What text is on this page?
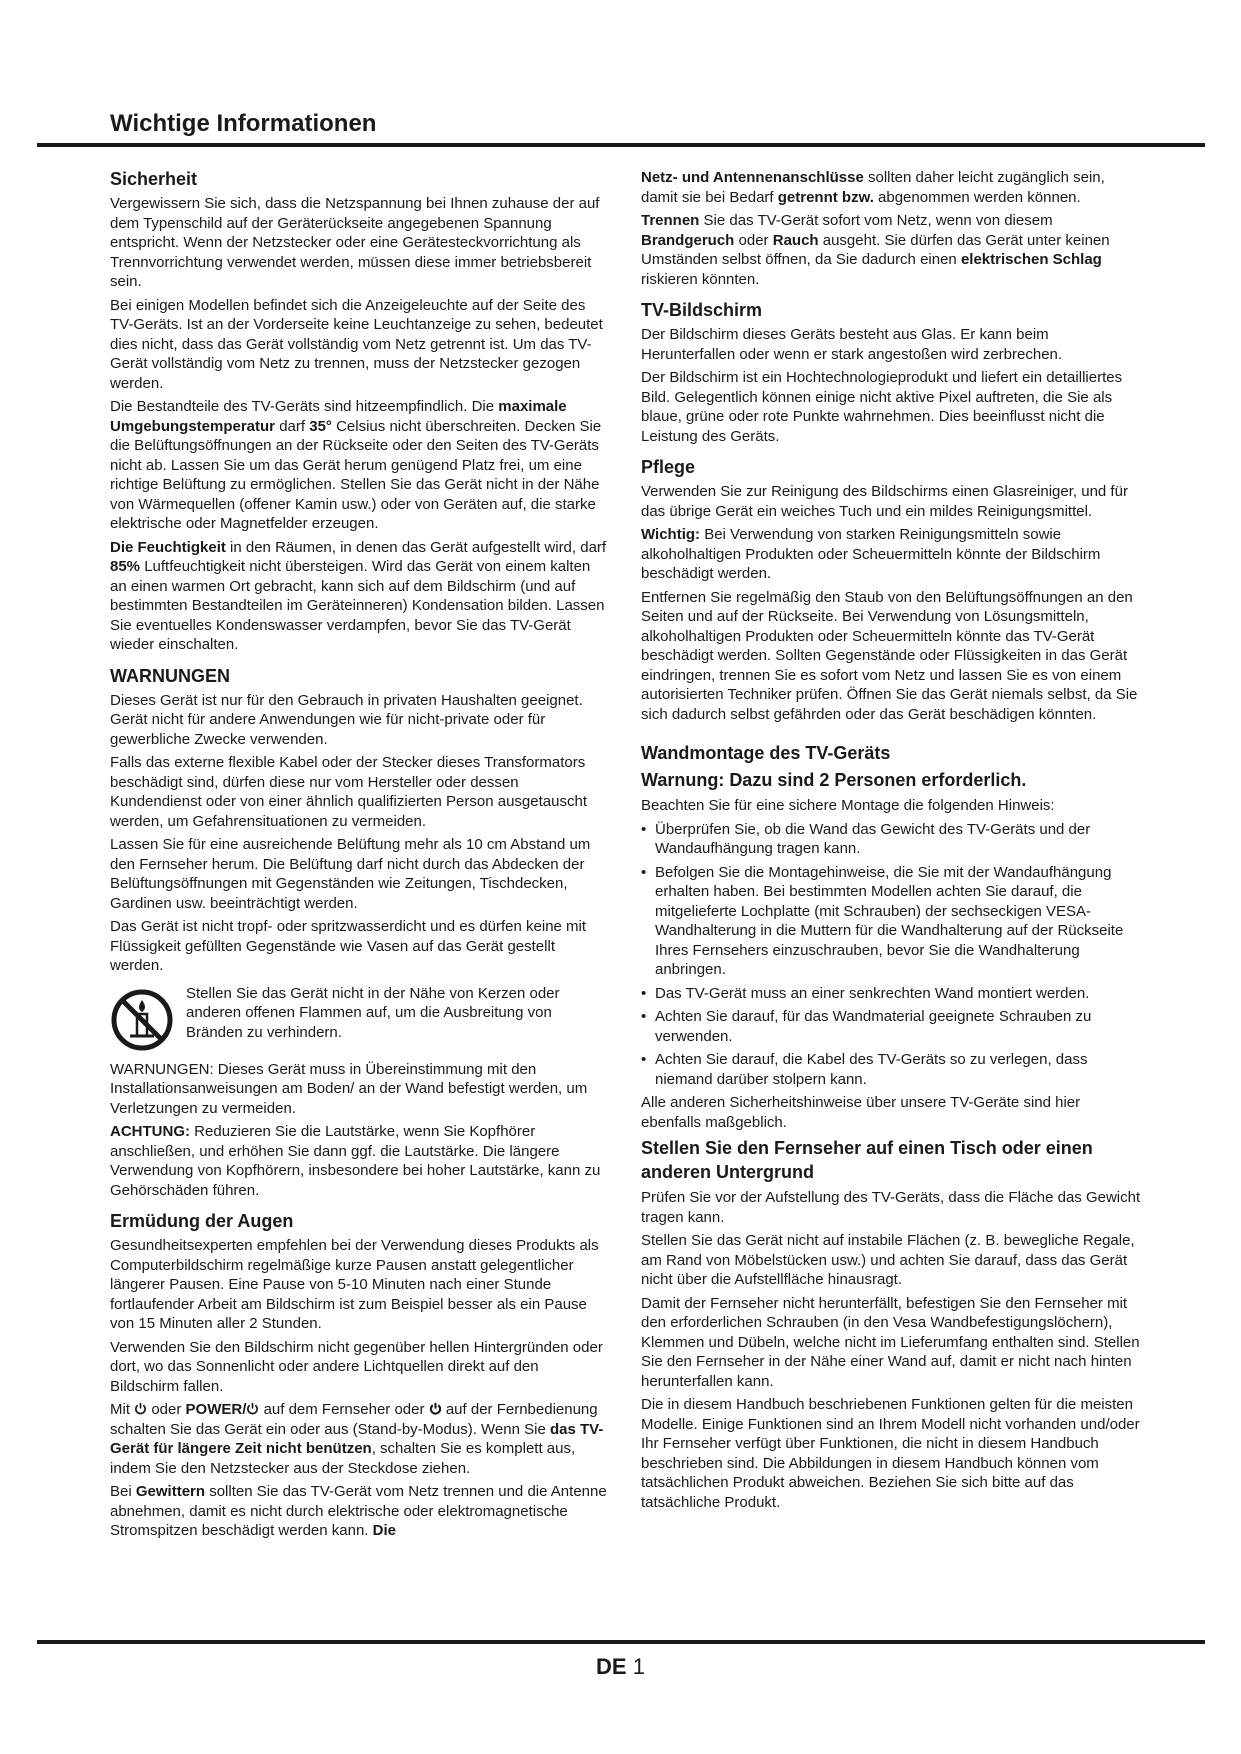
Wichtige Informationen
Sicherheit

Vergewissern Sie sich, dass die Netzspannung bei Ihnen zuhause der auf dem Typenschild auf der Geräterückseite angegebenen Spannung entspricht. Wenn der Netzstecker oder eine Gerätesteckvorrichtung als Trennvorrichtung verwendet werden, müssen diese immer betriebsbereit sein.

Bei einigen Modellen befindet sich die Anzeigeleuchte auf der Seite des TV-Geräts. Ist an der Vorderseite keine Leuchtanzeige zu sehen, bedeutet dies nicht, dass das Gerät vollständig vom Netz getrennt ist. Um das TV-Gerät vollständig vom Netz zu trennen, muss der Netzstecker gezogen werden.

Die Bestandteile des TV-Geräts sind hitzeempfindlich. Die maximale Umgebungstemperatur darf 35° Celsius nicht überschreiten. Decken Sie die Belüftungsöffnungen an der Rückseite oder den Seiten des TV-Geräts nicht ab. Lassen Sie um das Gerät herum genügend Platz frei, um eine richtige Belüftung zu ermöglichen. Stellen Sie das Gerät nicht in der Nähe von Wärmequellen (offener Kamin usw.) oder von Geräten auf, die starke elektrische oder Magnetfelder erzeugen.

Die Feuchtigkeit in den Räumen, in denen das Gerät aufgestellt wird, darf 85% Luftfeuchtigkeit nicht übersteigen. Wird das Gerät von einem kalten an einen warmen Ort gebracht, kann sich auf dem Bildschirm (und auf bestimmten Bestandteilen im Geräteinneren) Kondensation bilden. Lassen Sie eventuelles Kondenswasser verdampfen, bevor Sie das TV-Gerät wieder einschalten.

WARNUNGEN

Dieses Gerät ist nur für den Gebrauch in privaten Haushalten geeignet. Gerät nicht für andere Anwendungen wie für nicht-private oder für gewerbliche Zwecke verwenden.

Falls das externe flexible Kabel oder der Stecker dieses Transformators beschädigt sind, dürfen diese nur vom Hersteller oder dessen Kundendienst oder von einer ähnlich qualifizierten Person ausgetauscht werden, um Gefahrensituationen zu vermeiden.

Lassen Sie für eine ausreichende Belüftung mehr als 10 cm Abstand um den Fernseher herum. Die Belüftung darf nicht durch das Abdecken der Belüftungsöffnungen mit Gegenständen wie Zeitungen, Tischdecken, Gardinen usw. beeinträchtigt werden.

Das Gerät ist nicht tropf- oder spritzwasserdicht und es dürfen keine mit Flüssigkeit gefüllten Gegenstände wie Vasen auf das Gerät gestellt werden.

Stellen Sie das Gerät nicht in der Nähe von Kerzen oder anderen offenen Flammen auf, um die Ausbreitung von Bränden zu verhindern.

WARNUNGEN: Dieses Gerät muss in Übereinstimmung mit den Installationsanweisungen am Boden/ an der Wand befestigt werden, um Verletzungen zu vermeiden.

ACHTUNG: Reduzieren Sie die Lautstärke, wenn Sie Kopfhörer anschließen, und erhöhen Sie dann ggf. die Lautstärke. Die längere Verwendung von Kopfhörern, insbesondere bei hoher Lautstärke, kann zu Gehörschäden führen.

Ermüdung der Augen

Gesundheitsexperten empfehlen bei der Verwendung dieses Produkts als Computerbildschirm regelmäßige kurze Pausen anstatt gelegentlicher längerer Pausen. Eine Pause von 5-10 Minuten nach einer Stunde fortlaufender Arbeit am Bildschirm ist zum Beispiel besser als ein Pause von 15 Minuten aller 2 Stunden.

Verwenden Sie den Bildschirm nicht gegenüber hellen Hintergründen oder dort, wo das Sonnenlicht oder andere Lichtquellen direkt auf den Bildschirm fallen.

Mit oder POWER/ auf dem Fernseher oder auf der Fernbedienung schalten Sie das Gerät ein oder aus (Stand-by-Modus). Wenn Sie das TV-Gerät für längere Zeit nicht benützen, schalten Sie es komplett aus, indem Sie den Netzstecker aus der Steckdose ziehen.

Bei Gewittern sollten Sie das TV-Gerät vom Netz trennen und die Antenne abnehmen, damit es nicht durch elektrische oder elektromagnetische Stromspitzen beschädigt werden kann. Die

Netz- und Antennenanschlüsse sollten daher leicht zugänglich sein, damit sie bei Bedarf getrennt bzw. abgenommen werden können.

Trennen Sie das TV-Gerät sofort vom Netz, wenn von diesem Brandgeruch oder Rauch ausgeht. Sie dürfen das Gerät unter keinen Umständen selbst öffnen, da Sie dadurch einen elektrischen Schlag riskieren könnten.

TV-Bildschirm

Der Bildschirm dieses Geräts besteht aus Glas. Er kann beim Herunterfallen oder wenn er stark angestoßen wird zerbrechen.

Der Bildschirm ist ein Hochtechnologieprodukt und liefert ein detailliertes Bild. Gelegentlich können einige nicht aktive Pixel auftreten, die Sie als blaue, grüne oder rote Punkte wahrnehmen. Dies beeinflusst nicht die Leistung des Geräts.

Pflege

Verwenden Sie zur Reinigung des Bildschirms einen Glasreiniger, und für das übrige Gerät ein weiches Tuch und ein mildes Reinigungsmittel.

Wichtig: Bei Verwendung von starken Reinigungsmitteln sowie alkoholhaltigen Produkten oder Scheuermitteln könnte der Bildschirm beschädigt werden.

Entfernen Sie regelmäßig den Staub von den Belüftungsöffnungen an den Seiten und auf der Rückseite. Bei Verwendung von Lösungsmitteln, alkoholhaltigen Produkten oder Scheuermitteln könnte das TV-Gerät beschädigt werden. Sollten Gegenstände oder Flüssigkeiten in das Gerät eindringen, trennen Sie es sofort vom Netz und lassen Sie es von einem autorisierten Techniker prüfen. Öffnen Sie das Gerät niemals selbst, da Sie sich dadurch selbst gefährden oder das Gerät beschädigen könnten.

Wandmontage des TV-Geräts
Warnung: Dazu sind 2 Personen erforderlich.

Beachten Sie für eine sichere Montage die folgenden Hinweis:

• Überprüfen Sie, ob die Wand das Gewicht des TV-Geräts und der Wandaufhängung tragen kann.
• Befolgen Sie die Montagehinweise, die Sie mit der Wandaufhängung erhalten haben. Bei bestimmten Modellen achten Sie darauf, die mitgelieferte Lochplatte (mit Schrauben) der sechseckigen VESA-Wandhalterung in die Muttern für die Wandhalterung auf der Rückseite Ihres Fernsehers einzuschrauben, bevor Sie die Wandhalterung anbringen.
• Das TV-Gerät muss an einer senkrechten Wand montiert werden.
• Achten Sie darauf, für das Wandmaterial geeignete Schrauben zu verwenden.
• Achten Sie darauf, die Kabel des TV-Geräts so zu verlegen, dass niemand darüber stolpern kann.

Alle anderen Sicherheitshinweise über unsere TV-Geräte sind hier ebenfalls maßgeblich.

Stellen Sie den Fernseher auf einen Tisch oder einen anderen Untergrund

Prüfen Sie vor der Aufstellung des TV-Geräts, dass die Fläche das Gewicht tragen kann.

Stellen Sie das Gerät nicht auf instabile Flächen (z. B. bewegliche Regale, am Rand von Möbelstücken usw.) und achten Sie darauf, dass das Gerät nicht über die Aufstellfläche hinausragt.

Damit der Fernseher nicht herunterfällt, befestigen Sie den Fernseher mit den erforderlichen Schrauben (in den Vesa Wandbefestigungslöchern), Klemmen und Dübeln, welche nicht im Lieferumfang enthalten sind. Stellen Sie den Fernseher in der Nähe einer Wand auf, damit er nicht nach hinten herunterfallen kann.

Die in diesem Handbuch beschriebenen Funktionen gelten für die meisten Modelle. Einige Funktionen sind an Ihrem Modell nicht vorhanden und/oder Ihr Fernseher verfügt über Funktionen, die nicht in diesem Handbuch beschrieben sind. Die Abbildungen in diesem Handbuch können vom tatsächlichen Produkt abweichen. Beziehen Sie sich bitte auf das tatsächliche Produkt.

DE 1
